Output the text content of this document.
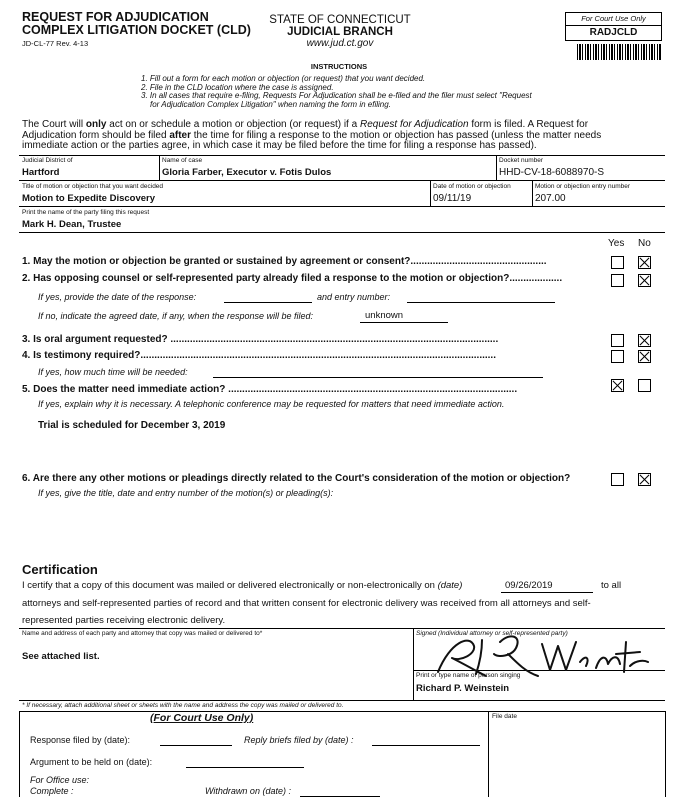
REQUEST FOR ADJUDICATION
COMPLEX LITIGATION DOCKET (CLD)
JD-CL-77 Rev. 4-13
STATE OF CONNECTICUT
JUDICIAL BRANCH
www.jud.ct.gov
For Court Use Only
RADJCLD
INSTRUCTIONS
1. Fill out a form for each motion or objection (or request) that you want decided.
2. File in the CLD location where the case is assigned.
3. In all cases that require e-filing, Requests For Adjudication shall be e-filed and the filer must select "Request
for Adjudication Complex Litigation" when naming the form in efiling.
The Court will only act on or schedule a motion or objection (or request) if a Request for Adjudication form is filed. A Request for
Adjudication form should be filed after the time for filing a response to the motion or objection has passed (unless the matter needs
immediate action or the parties agree, in which case it may be filed before the time for filing a response has passed).
Judicial District of
Hartford
Name of case
Gloria Farber, Executor v. Fotis Dulos
Docket number
HHD-CV-18-6088970-S
Title of motion or objection that you want decided
Motion to Expedite Discovery
Date of motion or objection
09/11/19
Motion or objection entry number
207.00
Print the name of the party filing this request
Mark H. Dean, Trustee
Yes No
1. May the motion or objection be granted or sustained by agreement or consent?.................................................
2. Has opposing counsel or self-represented party already filed a response to the motion or objection?...................
If yes, provide the date of the response:	and entry number:
If no, indicate the agreed date, if any, when the response will be filed:	unknown
3. Is oral argument requested? ......................................................................................................................
4. Is testimony required?................................................................................................................................
If yes, how much time will be needed:
5. Does the matter need immediate action? ........................................................................................................
If yes, explain why it is necessary. A telephonic conference may be requested for matters that need immediate action.
Trial is scheduled for December 3, 2019
6. Are there any other motions or pleadings directly related to the Court's consideration of the motion or objection?
If yes, give the title, date and entry number of the motion(s) or pleading(s):
Certification
I certify that a copy of this document was mailed or delivered electronically or non-electronically on (date)	09/26/2019	to all
attorneys and self-represented parties of record and that written consent for electronic delivery was received from all attorneys and self-
represented parties receiving electronic delivery.
Name and address of each party and attorney that copy was mailed or delivered to*
See attached list.
Signed (Individual attorney or self-represented party)
Print or type name of person singing
Richard P. Weinstein
* If necessary, attach additional sheet or sheets with the name and address the copy was mailed or delivered to.
(For Court Use Only)	File date
Response filed by (date):	Reply briefs filed by (date) :
Argument to be held on (date):
For Office use:
Complete :	Withdrawn on (date) :
